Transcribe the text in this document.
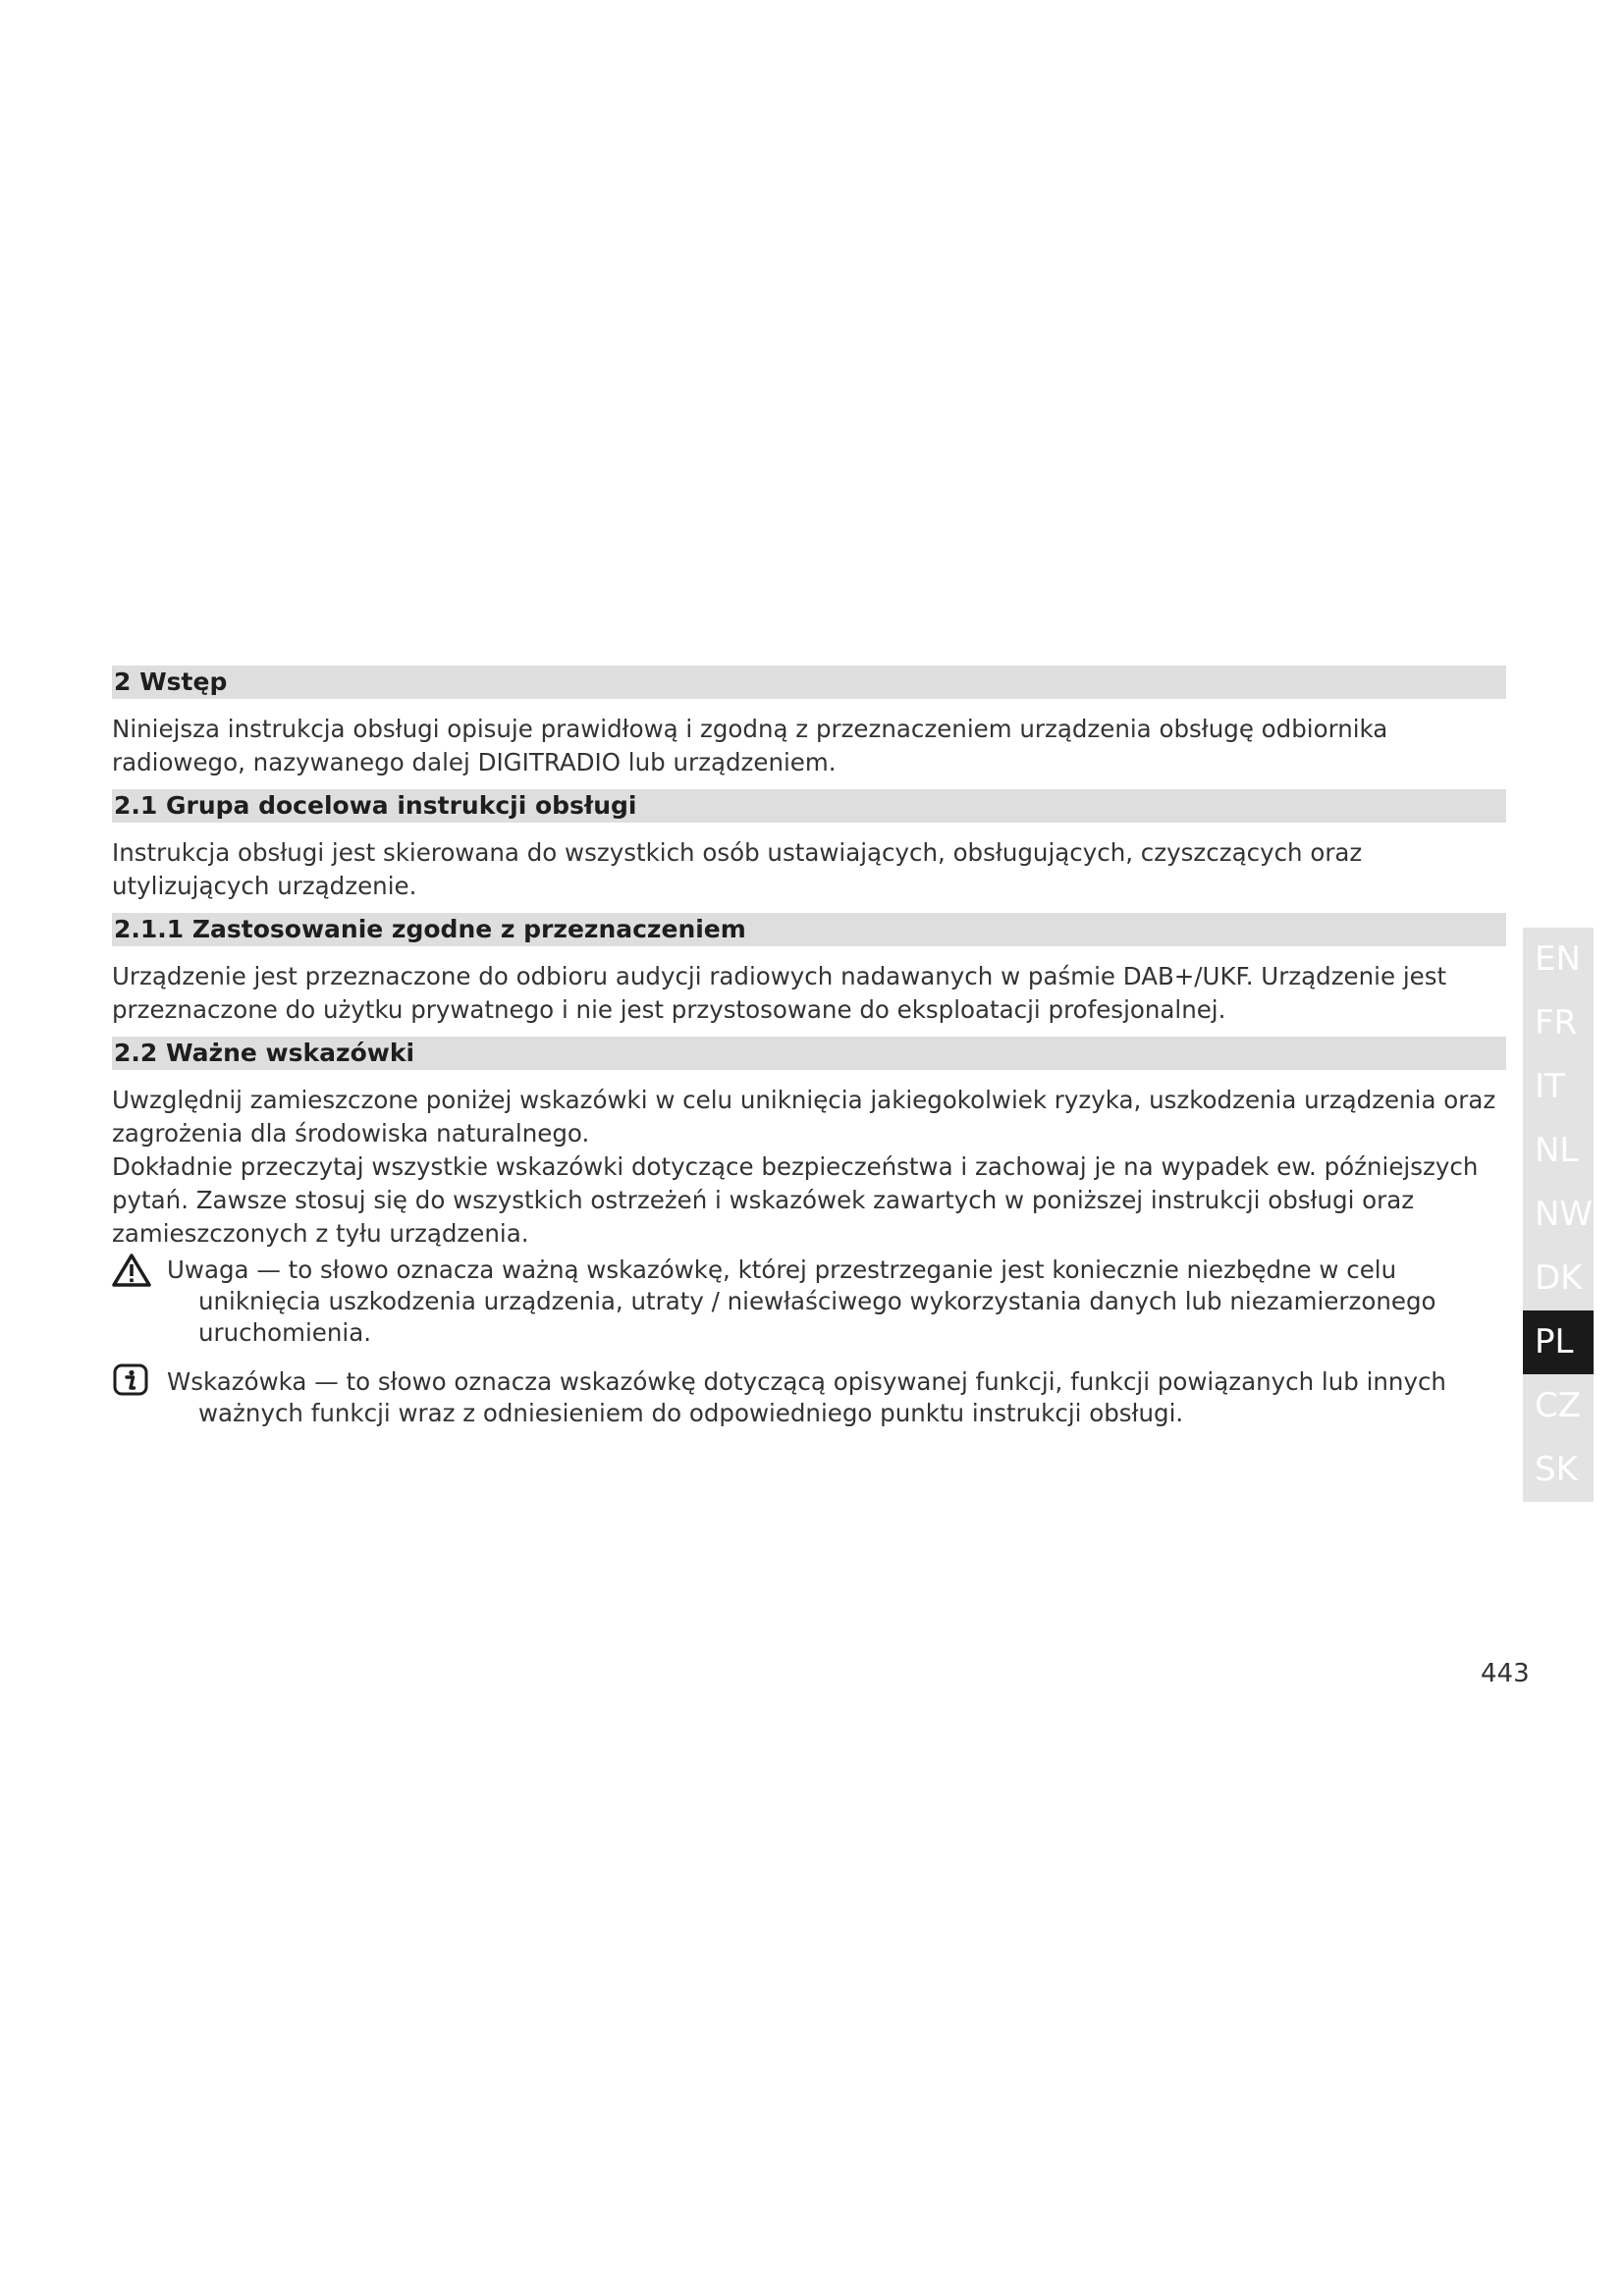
2 Wstęp

Niniejsza instrukcja obsługi opisuje prawidłową i zgodną z przeznaczeniem urządzenia obsługę odbiornika radiowego, nazywanego dalej DIGITRADIO lub urządzeniem.

2.1 Grupa docelowa instrukcji obsługi

Instrukcja obsługi jest skierowana do wszystkich osób ustawiających, obsługujących, czyszczących oraz utylizujących urządzenie.

2.1.1 Zastosowanie zgodne z przeznaczeniem

Urządzenie jest przeznaczone do odbioru audycji radiowych nadawanych w paśmie DAB+/UKF. Urządzenie jest przeznaczone do użytku prywatnego i nie jest przystosowane do eksploatacji profesjonalnej.

2.2 Ważne wskazówki

Uwzględnij zamieszczone poniżej wskazówki w celu uniknięcia jakiegokolwiek ryzyka, uszkodzenia urządzenia oraz zagrożenia dla środowiska naturalnego.

Dokładnie przeczytaj wszystkie wskazówki dotyczące bezpieczeństwa i zachowaj je na wypadek ew. późniejszych pytań. Zawsze stosuj się do wszystkich ostrzeżeń i wskazówek zawartych w poniższej instrukcji obsługi oraz zamieszczonych z tyłu urządzenia.

Uwaga — to słowo oznacza ważną wskazówkę, której przestrzeganie jest koniecznie niezbędne w celu
uniknięcia uszkodzenia urządzenia, utraty / niewłaściwego wykorzystania danych lub niezamierzonego uruchomienia.
Wskazówka — to słowo oznacza wskazówkę dotyczącą opisywanej funkcji, funkcji powiązanych lub innych
ważnych funkcji wraz z odniesieniem do odpowiedniego punktu instrukcji obsługi.
EN
FR
IT
NL
NW
DK
PL
CZ
SK
443
